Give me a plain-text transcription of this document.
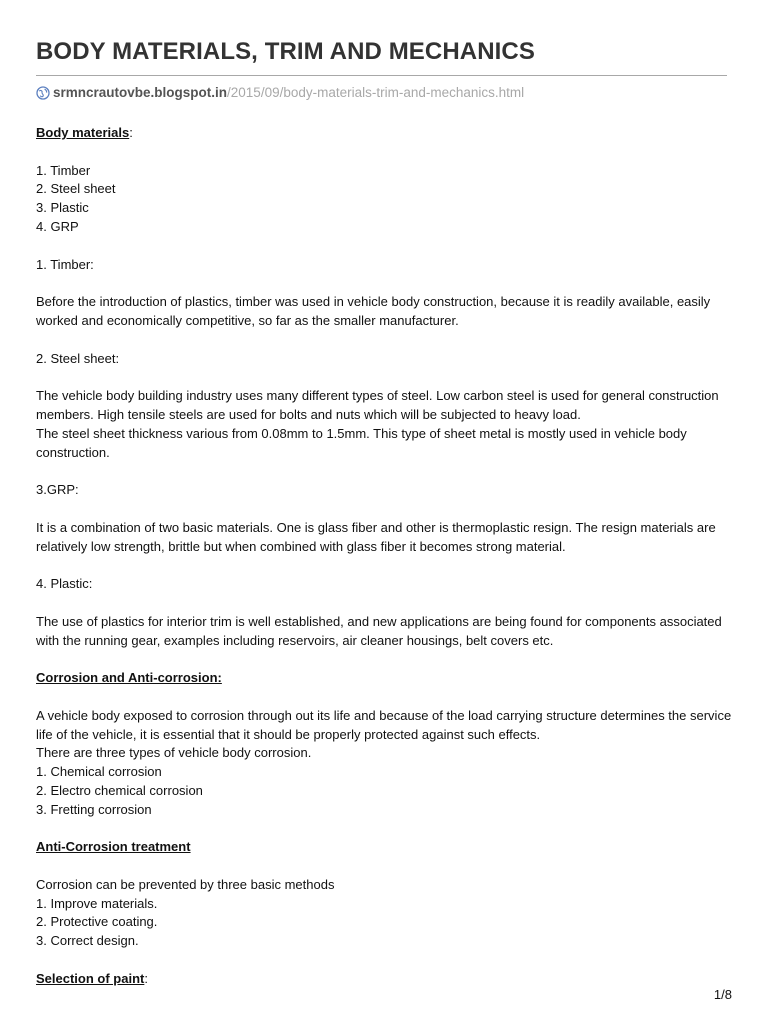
BODY MATERIALS, TRIM AND MECHANICS
srmncrautovbe.blogspot.in /2015/09/body-materials-trim-and-mechanics.html

Body materials:

1. Timber
2. Steel sheet
3. Plastic
4. GRP

1. Timber:

Before the introduction of plastics, timber was used in vehicle body construction, because it is readily available, easily worked and economically competitive, so far as the smaller manufacturer.

2. Steel sheet:

The vehicle body building industry uses many different types of steel. Low carbon steel is used for general construction members. High tensile steels are used for bolts and nuts which will be subjected to heavy load.
The steel sheet thickness various from 0.08mm to 1.5mm. This type of sheet metal is mostly used in vehicle body construction.

3.GRP:

It is a combination of two basic materials. One is glass fiber and other is thermoplastic resign. The resign materials are relatively low strength, brittle but when combined with glass fiber it becomes strong material.

4. Plastic:

The use of plastics for interior trim is well established, and new applications are being found for components associated with the running gear, examples including reservoirs, air cleaner housings, belt covers etc.

Corrosion and Anti-corrosion:

A vehicle body exposed to corrosion through out its life and because of the load carrying structure determines the service life of the vehicle, it is essential that it should be properly protected against such effects.
There are three types of vehicle body corrosion.
1. Chemical corrosion
2. Electro chemical corrosion
3. Fretting corrosion

Anti-Corrosion treatment

Corrosion can be prevented by three basic methods
1. Improve materials.
2. Protective coating.
3. Correct design.

Selection of paint:

1/8
